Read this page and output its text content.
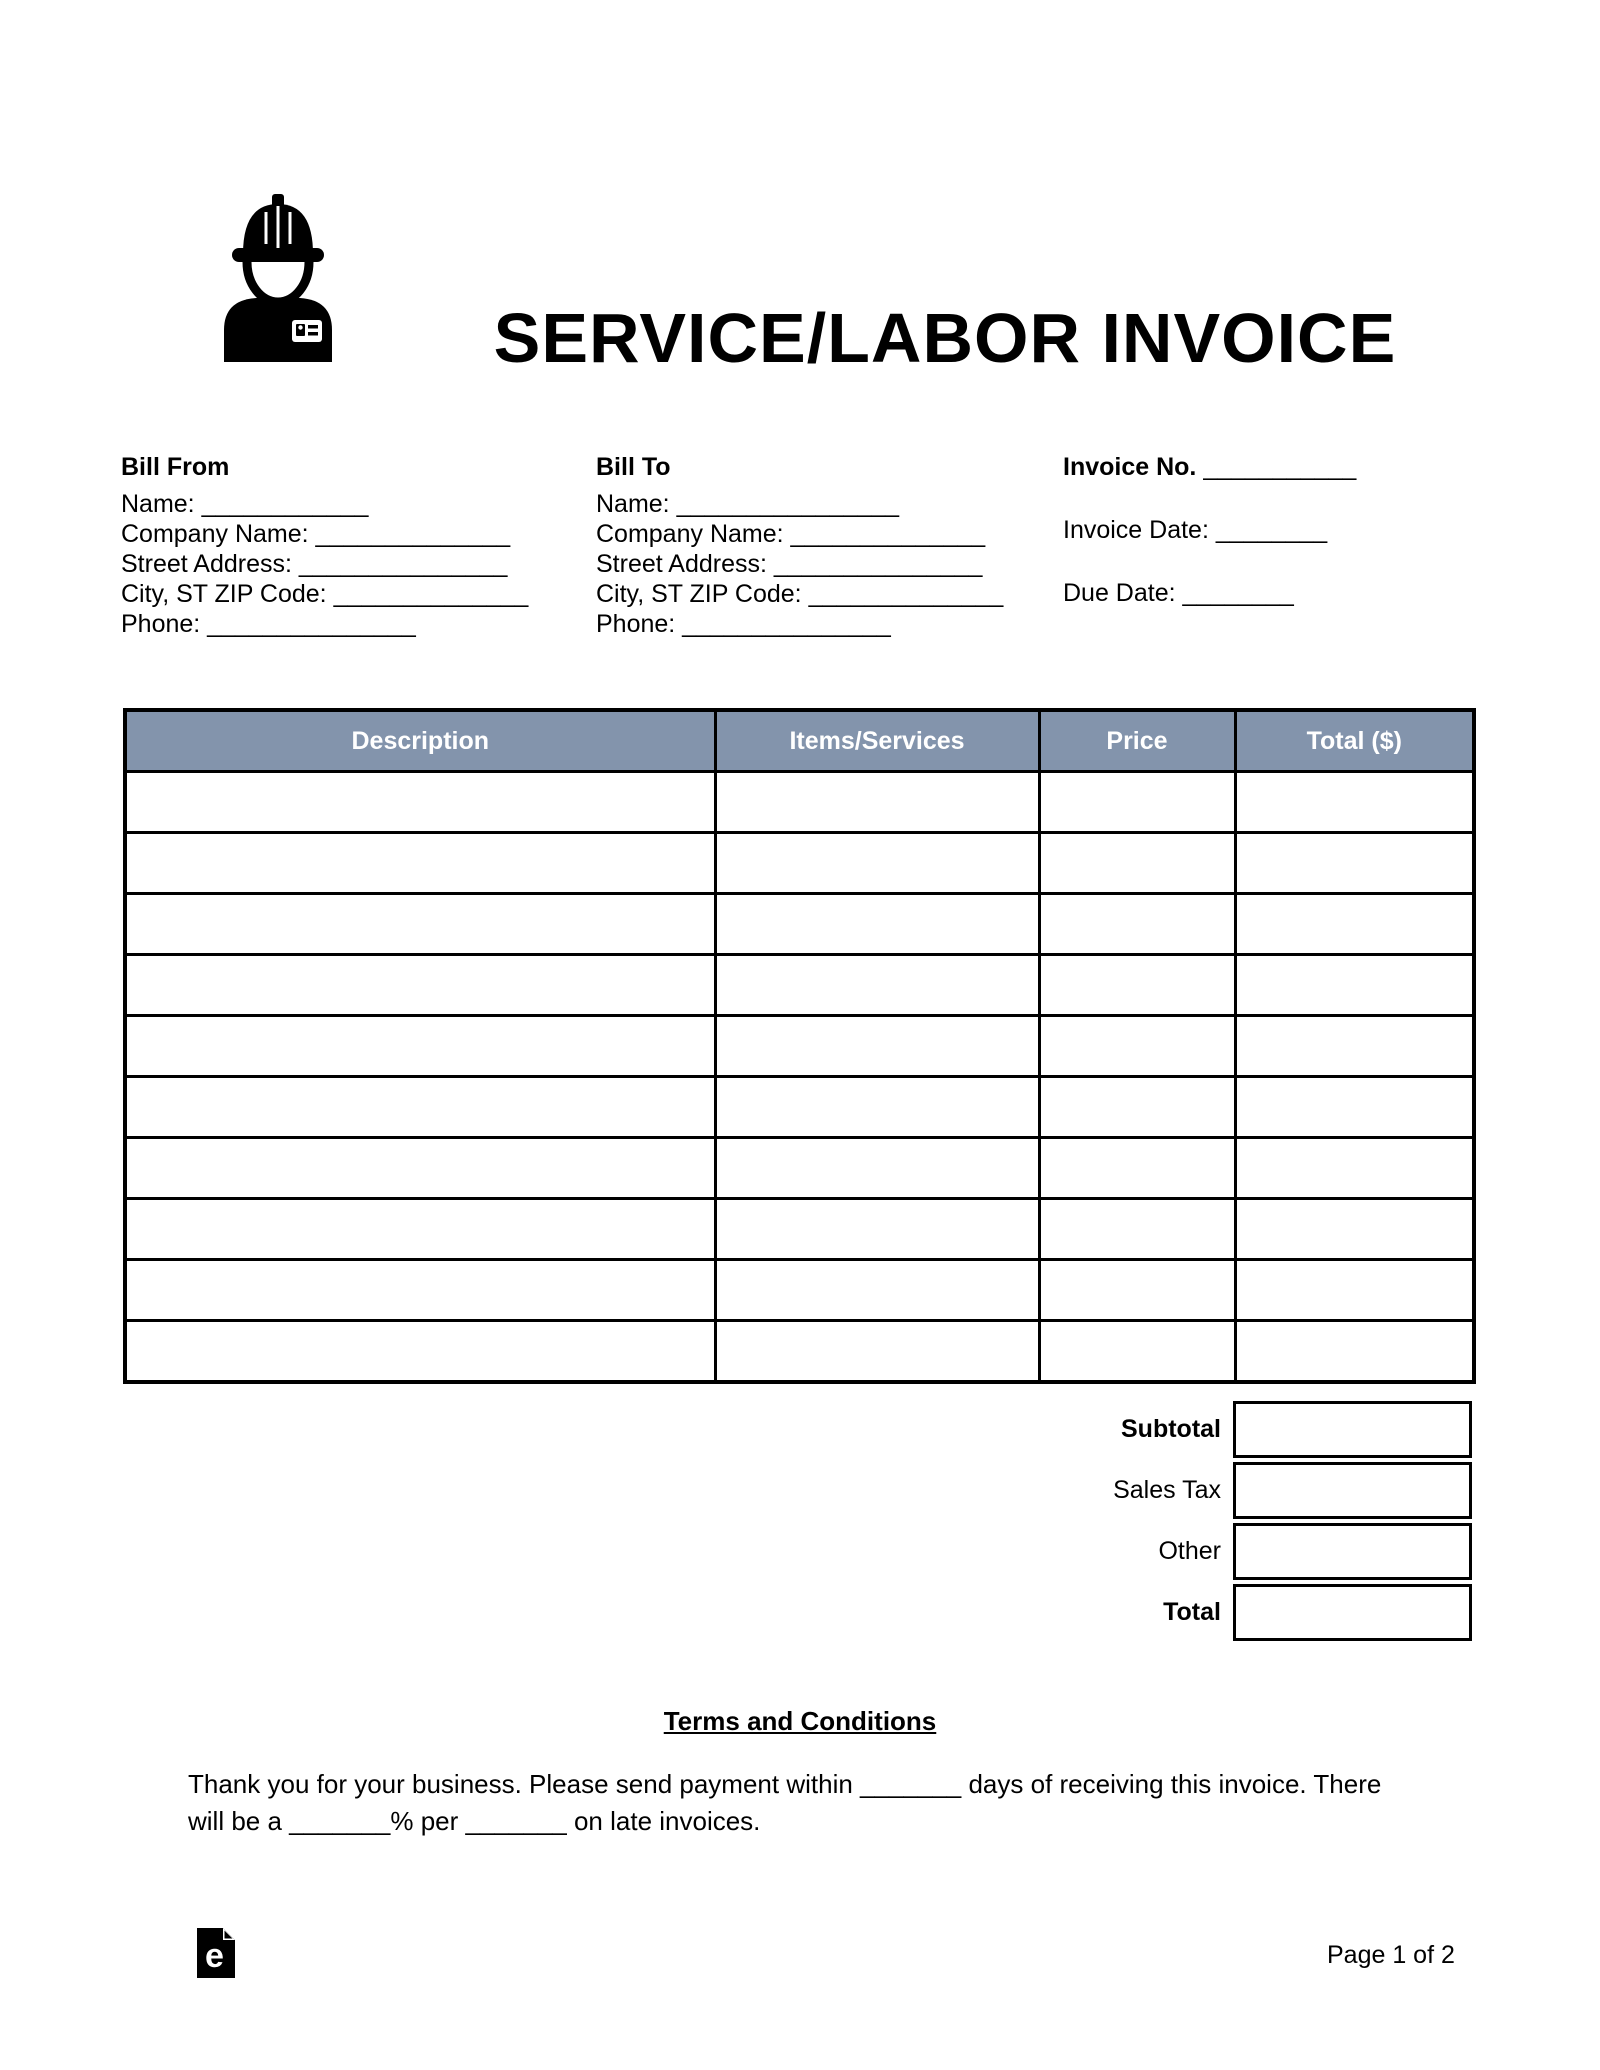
SERVICE/LABOR INVOICE

Bill From

Name: ____________

Company Name: ______________

Street Address: _______________

City, ST ZIP Code: ______________

Phone: _______________

Bill To

Name: ________________

Company Name: ______________

Street Address: _______________

City, ST ZIP Code: ______________

Phone: _______________

Invoice No. ___________

Invoice Date: ________

Due Date: ________

Description	Items/Services	Price	Total ($)

Subtotal
Sales Tax
Other
Total
Terms and Conditions

Thank you for your business. Please send payment within _______ days of receiving this invoice. There

will be a _______% per _______ on late invoices.

e	Page 1 of 2
